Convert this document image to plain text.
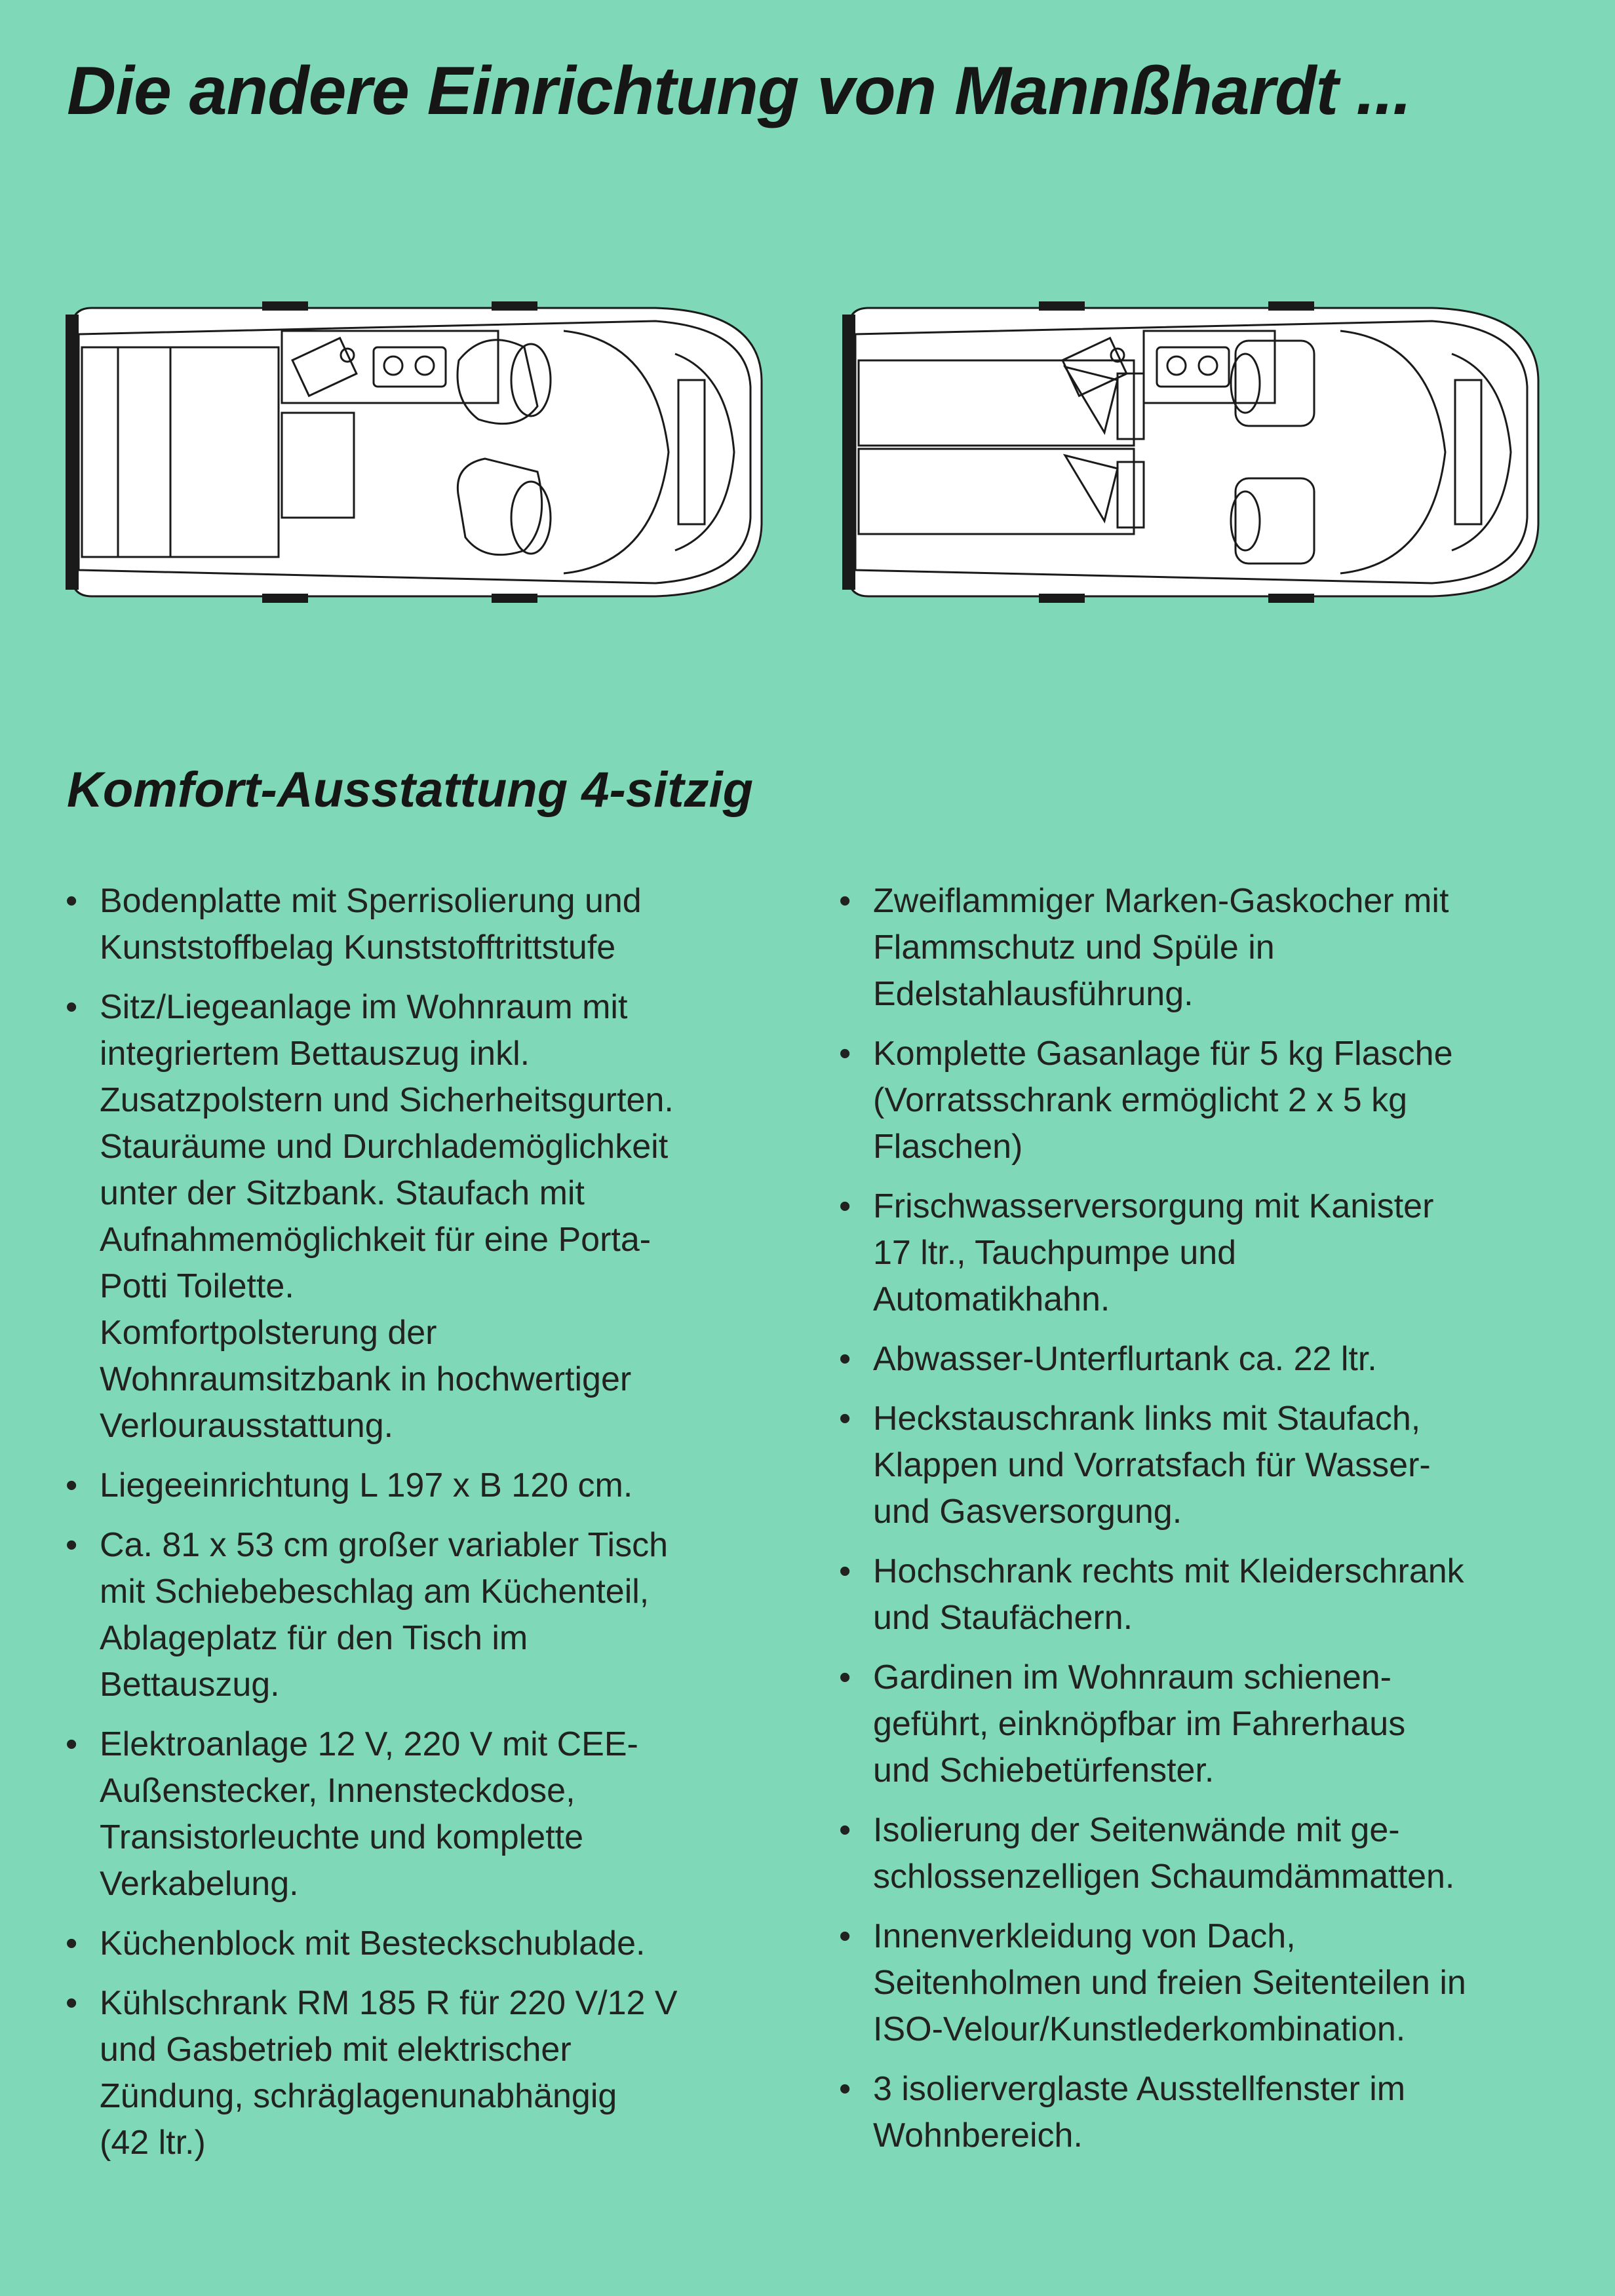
Die andere Einrichtung von Mannßhardt ...
Komfort-Ausstattung 4-sitzig
• Bodenplatte mit Sperrisolierung und
Kunststoffbelag Kunststofftrittstufe
• Sitz/Liegeanlage im Wohnraum mit
integriertem Bettauszug inkl.
Zusatzpolstern und Sicherheitsgurten.
Stauräume und Durchlademöglichkeit
unter der Sitzbank. Staufach mit
Aufnahmemöglichkeit für eine Porta-
Potti Toilette.
Komfortpolsterung der
Wohnraumsitzbank in hochwertiger
Verlourausstattung.
• Liegeeinrichtung L 197 x B 120 cm.
• Ca. 81 x 53 cm großer variabler Tisch
mit Schiebebeschlag am Küchenteil,
Ablageplatz für den Tisch im
Bettauszug.
• Elektroanlage 12 V, 220 V mit CEE-
Außenstecker, Innensteckdose,
Transistorleuchte und komplette
Verkabelung.
• Küchenblock mit Besteckschublade.
• Kühlschrank RM 185 R für 220 V/12 V
und Gasbetrieb mit elektrischer
Zündung, schräglagenunabhängig
(42 ltr.)
• Zweiflammiger Marken-Gaskocher mit
Flammschutz und Spüle in
Edelstahlausführung.
• Komplette Gasanlage für 5 kg Flasche
(Vorratsschrank ermöglicht 2 x 5 kg
Flaschen)
• Frischwasserversorgung mit Kanister
17 ltr., Tauchpumpe und
Automatikhahn.
• Abwasser-Unterflurtank ca. 22 ltr.
• Heckstauschrank links mit Staufach,
Klappen und Vorratsfach für Wasser-
und Gasversorgung.
• Hochschrank rechts mit Kleiderschrank
und Staufächern.
• Gardinen im Wohnraum schienen-
geführt, einknöpfbar im Fahrerhaus
und Schiebetürfenster.
• Isolierung der Seitenwände mit ge-
schlossenzelligen Schaumdämmatten.
• Innenverkleidung von Dach,
Seitenholmen und freien Seitenteilen in
ISO-Velour/Kunstlederkombination.
• 3 isolierverglaste Ausstellfenster im
Wohnbereich.
